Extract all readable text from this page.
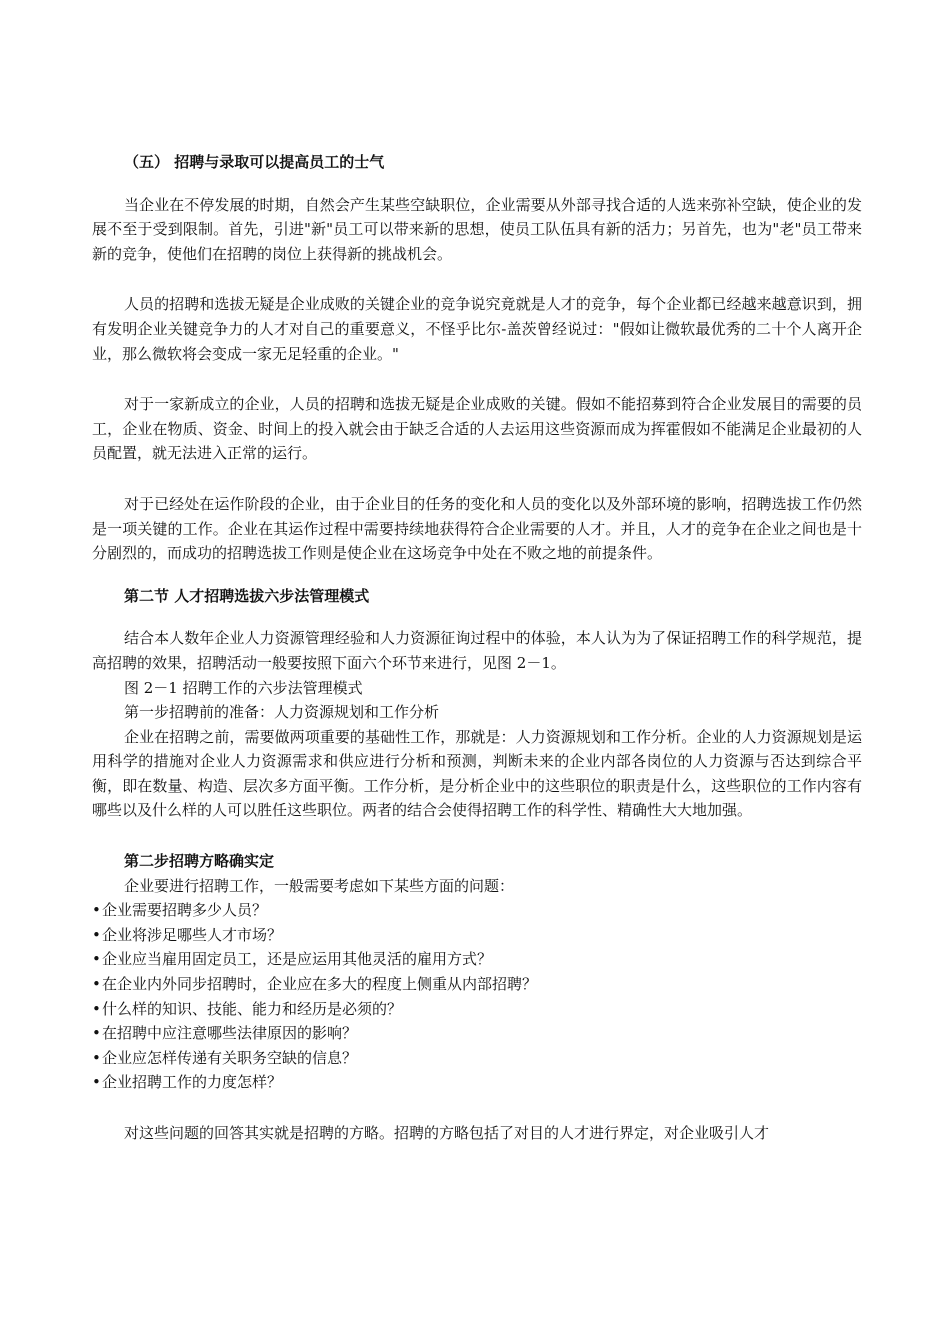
（五） 招聘与录取可以提高员工的士气

当企业在不停发展的时期，自然会产生某些空缺职位，企业需要从外部寻找合适的人选来弥补空缺，使企业的发展不至于受到限制。首先，引进"新"员工可以带来新的思想，使员工队伍具有新的活力；另首先，也为"老"员工带来新的竞争，使他们在招聘的岗位上获得新的挑战机会。

人员的招聘和选拔无疑是企业成败的关键企业的竞争说究竟就是人才的竞争，每个企业都已经越来越意识到，拥有发明企业关键竞争力的人才对自己的重要意义，不怪乎比尔-盖茨曾经说过："假如让微软最优秀的二十个人离开企业，那么微软将会变成一家无足轻重的企业。"

对于一家新成立的企业，人员的招聘和选拔无疑是企业成败的关键。假如不能招募到符合企业发展目的需要的员工，企业在物质、资金、时间上的投入就会由于缺乏合适的人去运用这些资源而成为挥霍假如不能满足企业最初的人员配置，就无法进入正常的运行。

对于已经处在运作阶段的企业，由于企业目的任务的变化和人员的变化以及外部环境的影响，招聘选拔工作仍然是一项关键的工作。企业在其运作过程中需要持续地获得符合企业需要的人才。并且，人才的竞争在企业之间也是十分剧烈的，而成功的招聘选拔工作则是使企业在这场竞争中处在不败之地的前提条件。

第二节 人才招聘选拔六步法管理模式

结合本人数年企业人力资源管理经验和人力资源征询过程中的体验，本人认为为了保证招聘工作的科学规范，提高招聘的效果，招聘活动一般要按照下面六个环节来进行，见图 2－1。

图 2－1 招聘工作的六步法管理模式

第一步招聘前的准备：人力资源规划和工作分析

企业在招聘之前，需要做两项重要的基础性工作，那就是：人力资源规划和工作分析。企业的人力资源规划是运用科学的措施对企业人力资源需求和供应进行分析和预测，判断未来的企业内部各岗位的人力资源与否达到综合平衡，即在数量、构造、层次多方面平衡。工作分析，是分析企业中的这些职位的职责是什么，这些职位的工作内容有哪些以及什么样的人可以胜任这些职位。两者的结合会使得招聘工作的科学性、精确性大大地加强。

第二步招聘方略确实定

企业要进行招聘工作，一般需要考虑如下某些方面的问题：

•企业需要招聘多少人员？
•企业将涉足哪些人才市场？
•企业应当雇用固定员工，还是应运用其他灵活的雇用方式？
•在企业内外同步招聘时，企业应在多大的程度上侧重从内部招聘？
•什么样的知识、技能、能力和经历是必须的？
•在招聘中应注意哪些法律原因的影响？
•企业应怎样传递有关职务空缺的信息？
•企业招聘工作的力度怎样？

对这些问题的回答其实就是招聘的方略。招聘的方略包括了对目的人才进行界定，对企业吸引人才
